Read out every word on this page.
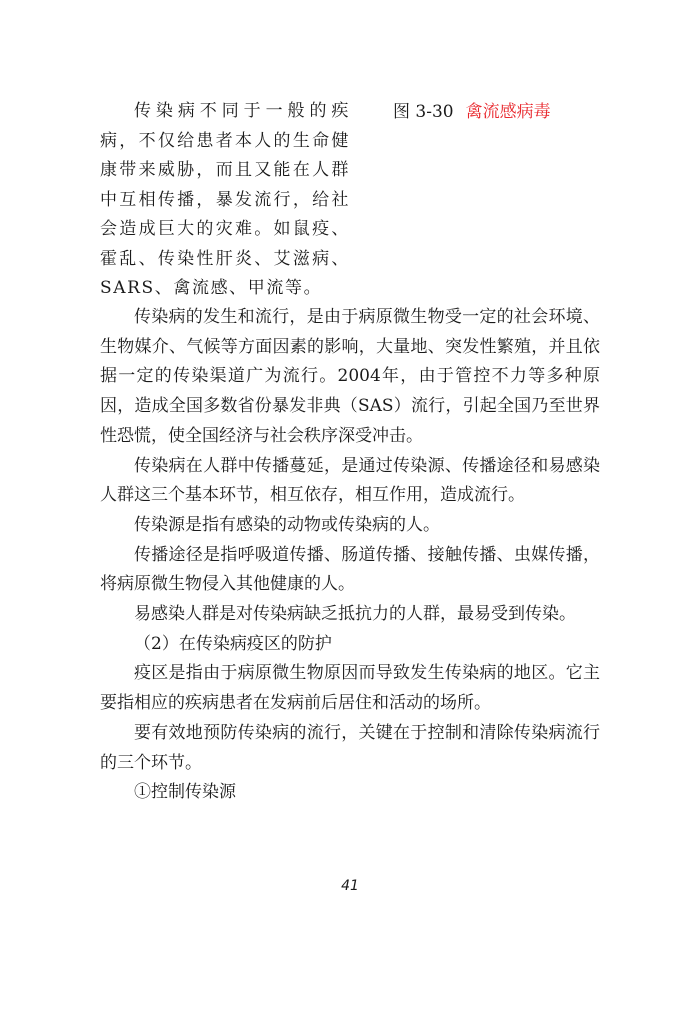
传染病不同于一般的疾病，不仅给患者本人的生命健康带来威胁，而且又能在人群中互相传播，暴发流行，给社会造成巨大的灾难。如鼠疫、霍乱、传染性肝炎、艾滋病、SARS、禽流感、甲流等。

图 3-30 禽流感病毒

传染病的发生和流行，是由于病原微生物受一定的社会环境、生物媒介、气候等方面因素的影响，大量地、突发性繁殖，并且依据一定的传染渠道广为流行。2004年，由于管控不力等多种原因，造成全国多数省份暴发非典（SAS）流行，引起全国乃至世界性恐慌，使全国经济与社会秩序深受冲击。

传染病在人群中传播蔓延，是通过传染源、传播途径和易感染人群这三个基本环节，相互依存，相互作用，造成流行。

传染源是指有感染的动物或传染病的人。

传播途径是指呼吸道传播、肠道传播、接触传播、虫媒传播，将病原微生物侵入其他健康的人。

易感染人群是对传染病缺乏抵抗力的人群，最易受到传染。

（2）在传染病疫区的防护

疫区是指由于病原微生物原因而导致发生传染病的地区。它主要指相应的疾病患者在发病前后居住和活动的场所。

要有效地预防传染病的流行，关键在于控制和清除传染病流行的三个环节。

①控制传染源

41
